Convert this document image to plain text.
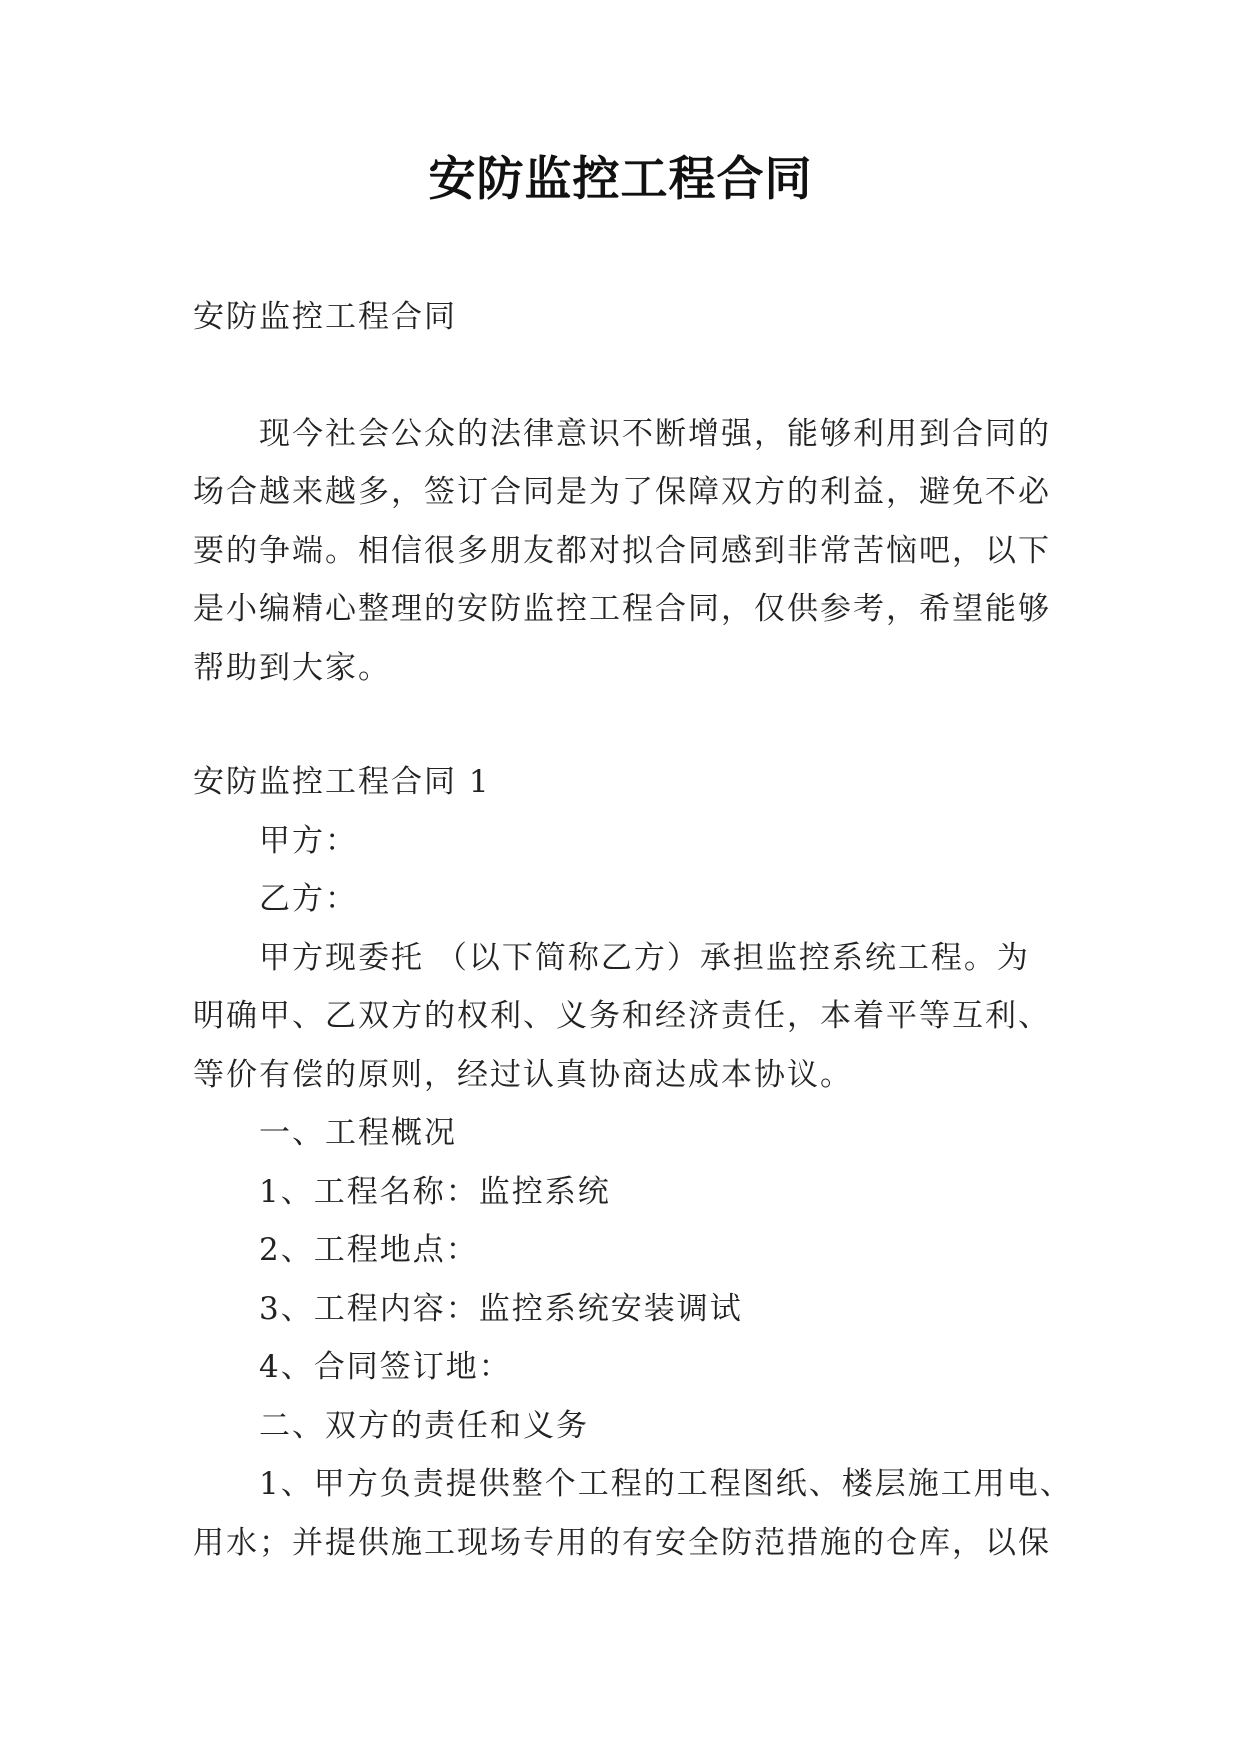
安防监控工程合同
安防监控工程合同
现今社会公众的法律意识不断增强，能够利用到合同的
场合越来越多，签订合同是为了保障双方的利益，避免不必
要的争端。相信很多朋友都对拟合同感到非常苦恼吧，以下
是小编精心整理的安防监控工程合同，仅供参考，希望能够
帮助到大家。
安防监控工程合同 1
甲方：
乙方：
甲方现委托 （以下简称乙方）承担监控系统工程。为
明确甲、乙双方的权利、义务和经济责任，本着平等互利、
等价有偿的原则，经过认真协商达成本协议。
一、工程概况
1、工程名称：监控系统
2、工程地点：
3、工程内容：监控系统安装调试
4、合同签订地：
二、双方的责任和义务
1、甲方负责提供整个工程的工程图纸、楼层施工用电、
用水；并提供施工现场专用的有安全防范措施的仓库，以保
